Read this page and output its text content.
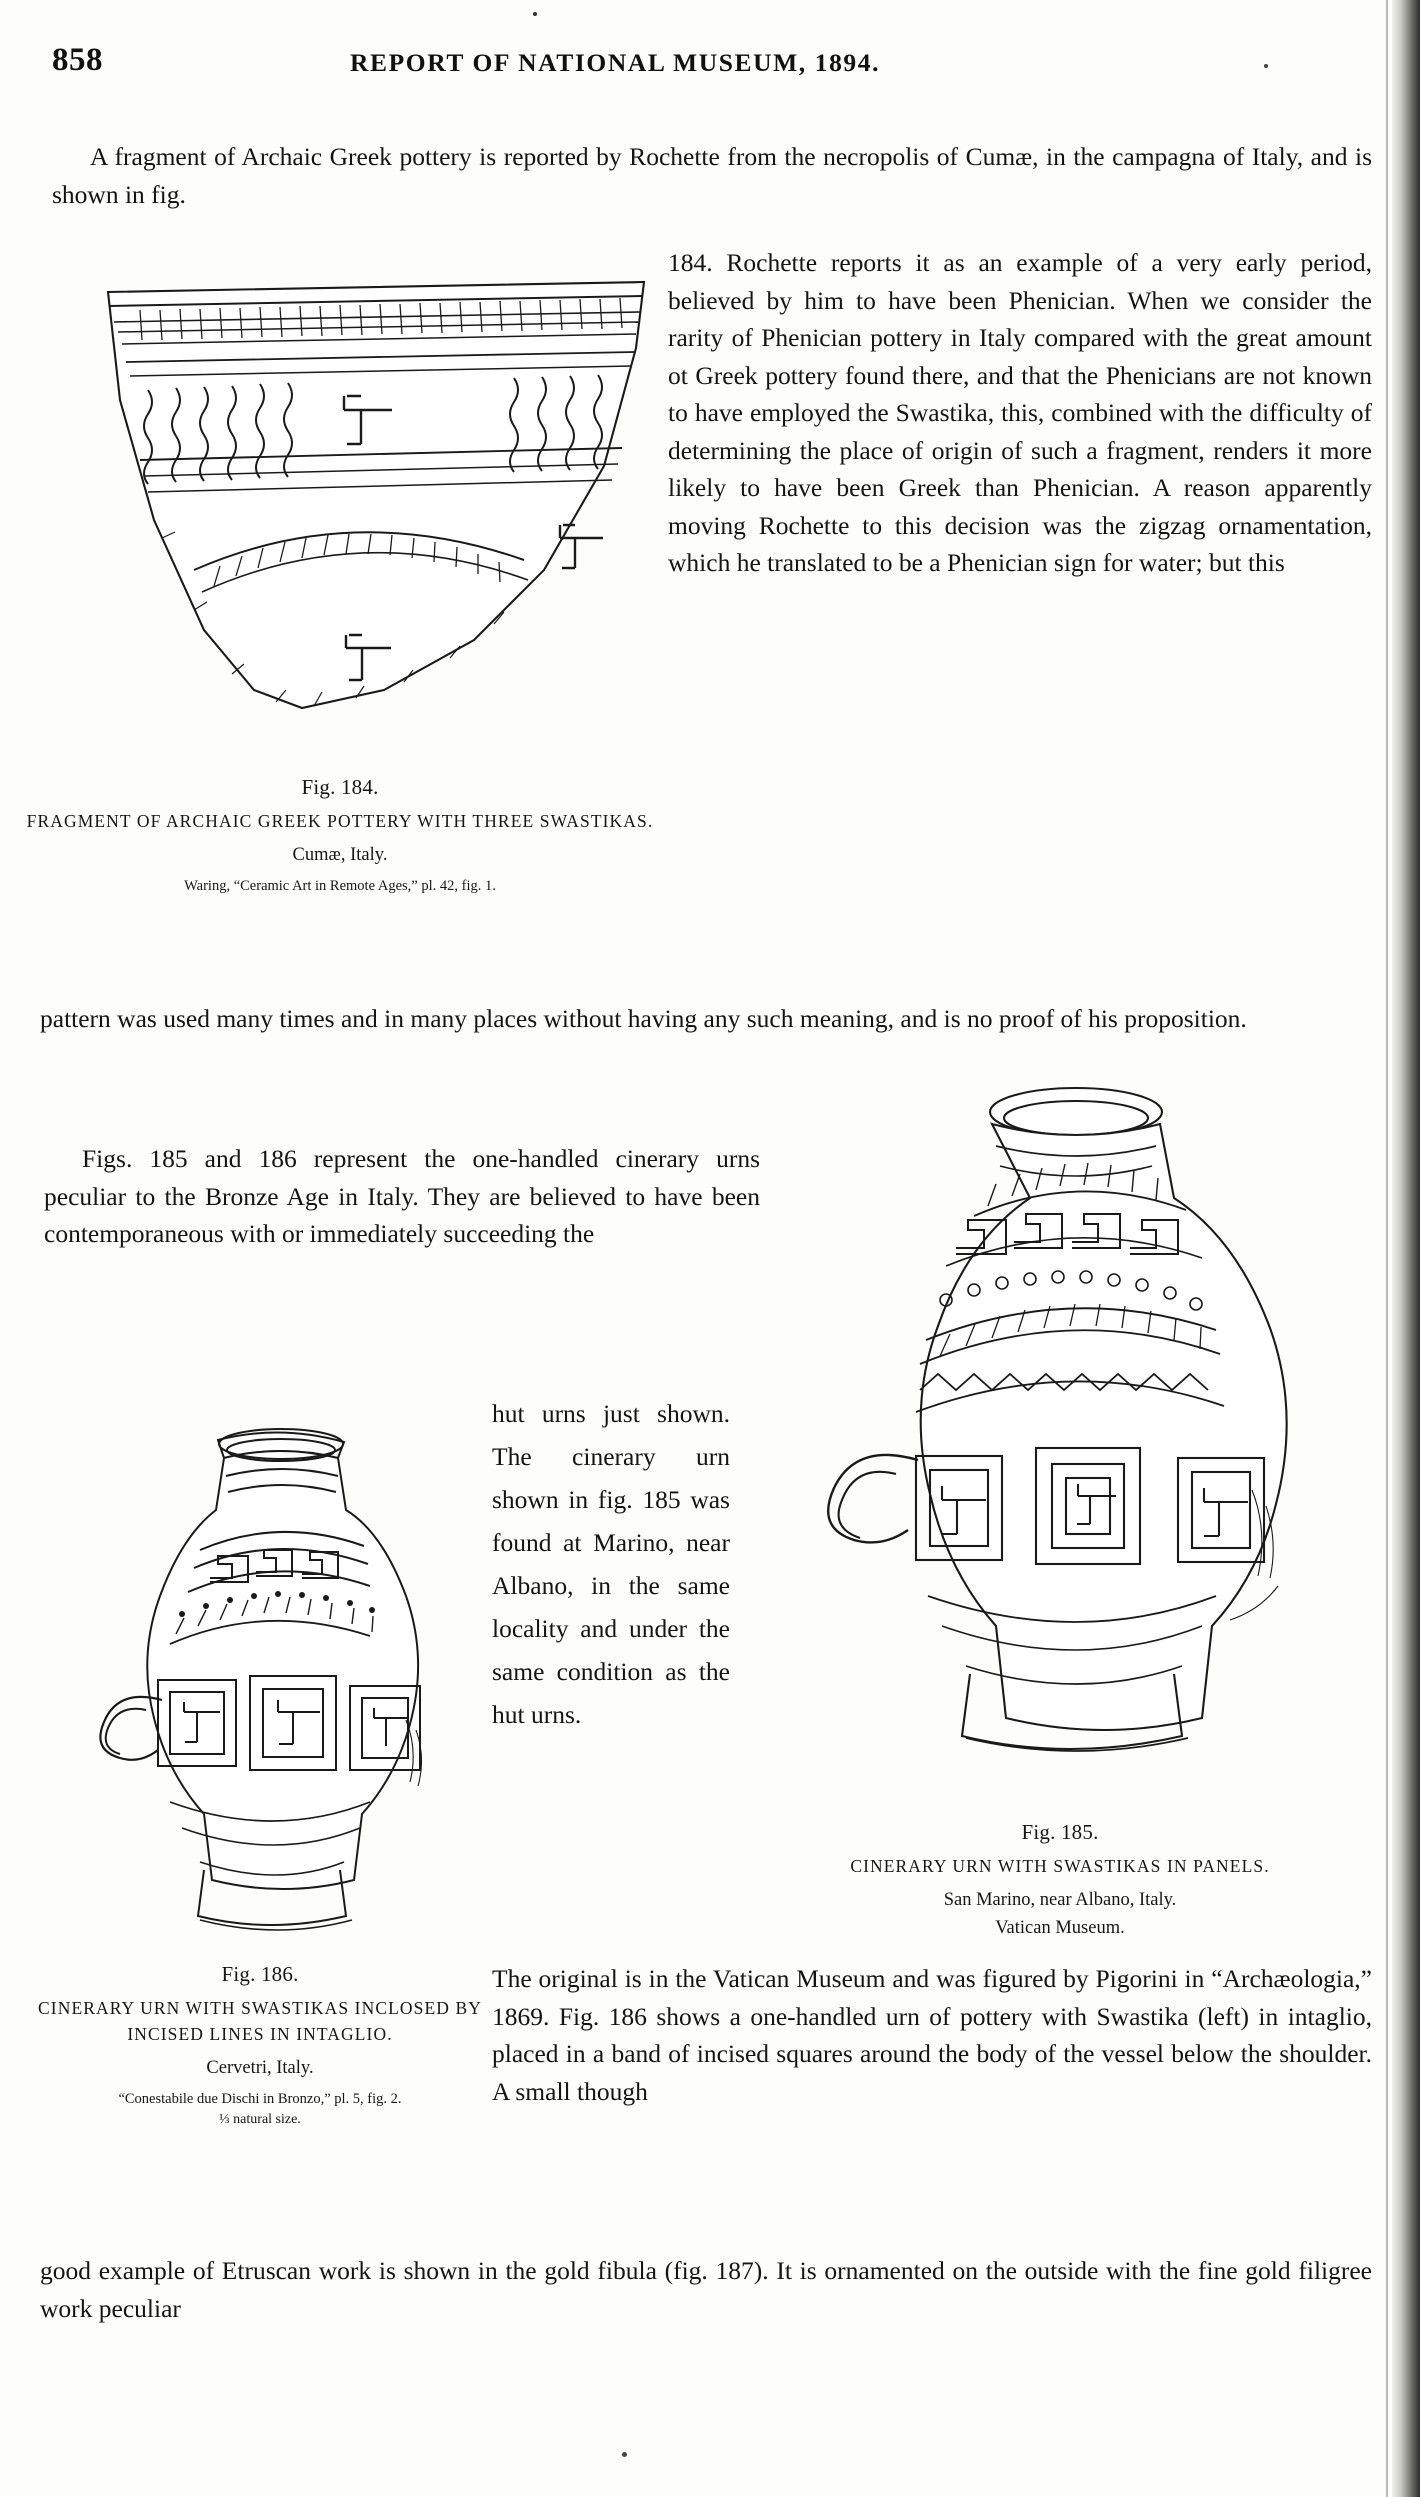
858	REPORT OF NATIONAL MUSEUM, 1894.
A fragment of Archaic Greek pottery is reported by Rochette from the necropolis of Cumæ, in the campagna of Italy, and is shown in fig.
Fig. 184.
FRAGMENT OF ARCHAIC GREEK POTTERY WITH THREE SWASTIKAS.
Cumæ, Italy.
Waring, “Ceramic Art in Remote Ages,” pl. 42, fig. 1.
184. Rochette reports it as an example of a very early period, believed by him to have been Phenician. When we consider the rarity of Phenician pottery in Italy compared with the great amount ot Greek pottery found there, and that the Phenicians are not known to have employed the Swastika, this, combined with the difficulty of determining the place of origin of such a fragment, renders it more likely to have been Greek than Phenician. A reason apparently moving Rochette to this decision was the zigzag ornamentation, which he translated to be a Phenician sign for water; but this
pattern was used many times and in many places without having any such meaning, and is no proof of his proposition.
Figs. 185 and 186 represent the one-handled cinerary urns peculiar to the Bronze Age in Italy. They are believed to have been contemporaneous with or immediately succeeding the
hut urns just shown. The cinerary urn shown in fig. 185 was found at Marino, near Albano, in the same locality and under the same condition as the hut urns.
Fig. 185.
CINERARY URN WITH SWASTIKAS IN PANELS.
San Marino, near Albano, Italy.
Vatican Museum.
Fig. 186.
CINERARY URN WITH SWASTIKAS INCLOSED BY INCISED LINES IN INTAGLIO.
Cervetri, Italy.
“Conestabile due Dischi in Bronzo,” pl. 5, fig. 2.
⅓ natural size.
The original is in the Vatican Museum and was figured by Pigorini in “Archæologia,” 1869. Fig. 186 shows a one-handled urn of pottery with Swastika (left) in intaglio, placed in a band of incised squares around the body of the vessel below the shoulder. A small though
good example of Etruscan work is shown in the gold fibula (fig. 187). It is ornamented on the outside with the fine gold filigree work peculiar
